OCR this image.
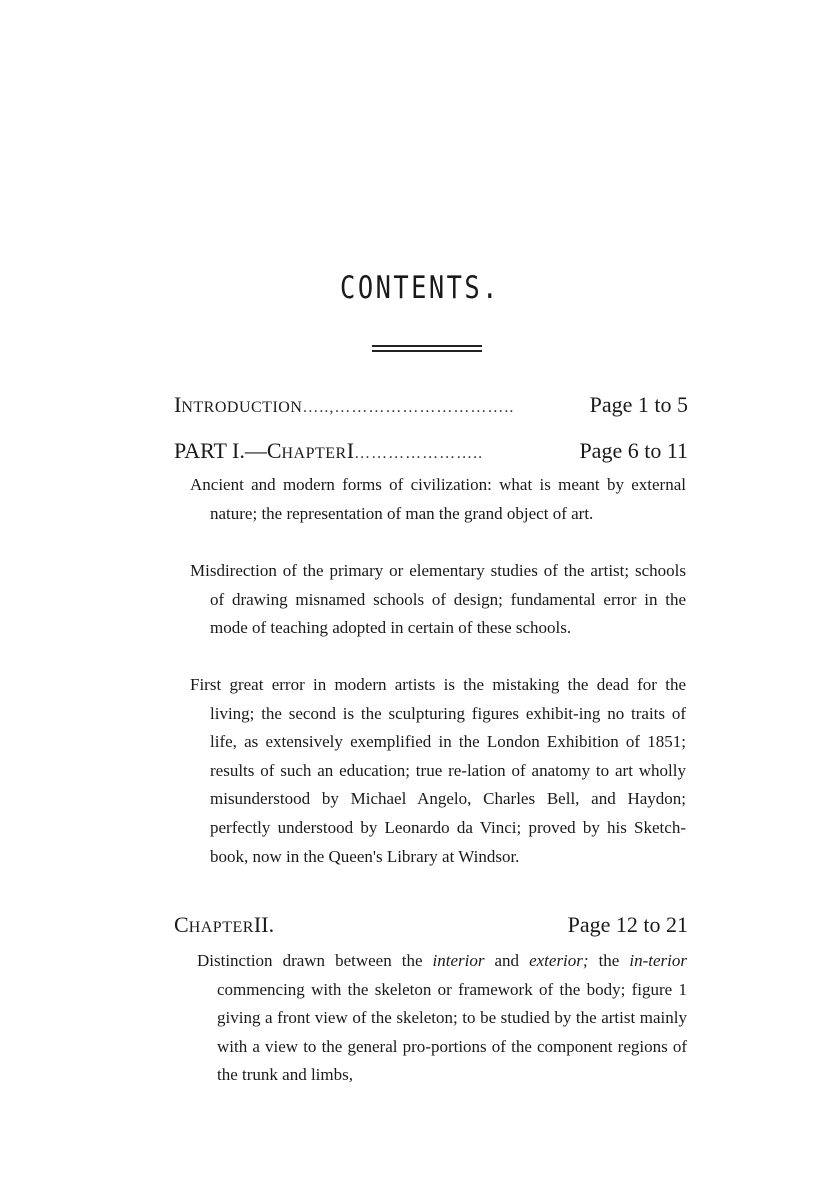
CONTENTS.
I NTRODUCTION …..,…………………………..	Page 1 to 5
PART I.—C HAPTER I …………………..	Page 6 to 11

Ancient and modern forms of civilization: what is meant by external nature; the representation of man the grand object of art.

Misdirection of the primary or elementary studies of the artist; schools of drawing misnamed schools of design; fundamental error in the mode of teaching adopted in certain of these schools.

First great error in modern artists is the mistaking the dead for the living; the second is the sculpturing figures exhibit-ing no traits of life, as extensively exemplified in the London Exhibition of 1851; results of such an education; true re-lation of anatomy to art wholly misunderstood by Michael Angelo, Charles Bell, and Haydon; perfectly understood by Leonardo da Vinci; proved by his Sketch-book, now in the Queen's Library at Windsor.

C HAPTER II.	Page 12 to 21

Distinction drawn between the interior and exterior; the in-terior commencing with the skeleton or framework of the body; figure 1 giving a front view of the skeleton; to be studied by the artist mainly with a view to the general pro-portions of the component regions of the trunk and limbs,
